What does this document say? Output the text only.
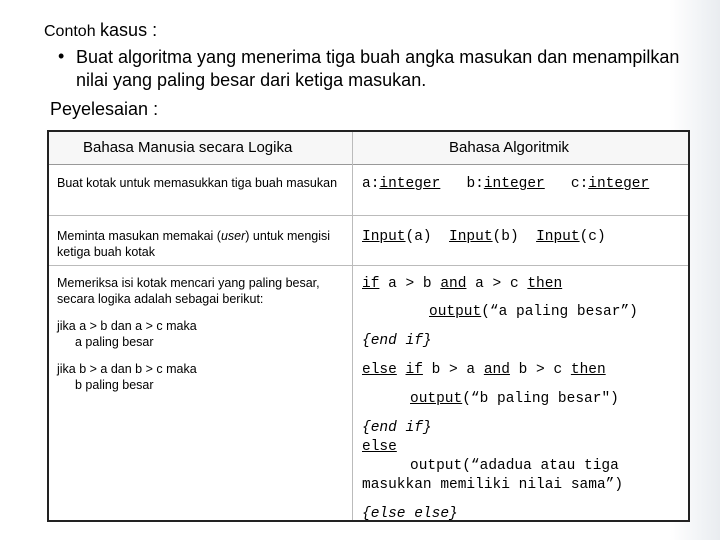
Contoh kasus :
• Buat algoritma yang menerima tiga buah angka masukan dan menampilkan nilai yang paling besar dari ketiga masukan.
Peyelesaian :
Bahasa Manusia secara Logika	Bahasa Algoritmik
Buat kotak untuk memasukkan tiga buah masukan	a:integer b:integer c:integer
Meminta masukan memakai (user) untuk mengisi ketiga buah kotak
Input(a) Input(b) Input(c)
Memeriksa isi kotak mencari yang paling besar, secara logika adalah sebagai berikut:
jika a > b dan a > c maka
a paling besar
jika b > a dan b > c maka
b paling besar
if a > b and a > c then
output(“a paling besar”)
{end if}
else if b > a and b > c then
output(“b paling besar")
{end if}
else
output(“adadua atau tiga
masukkan memiliki nilai sama”)
{else else}
